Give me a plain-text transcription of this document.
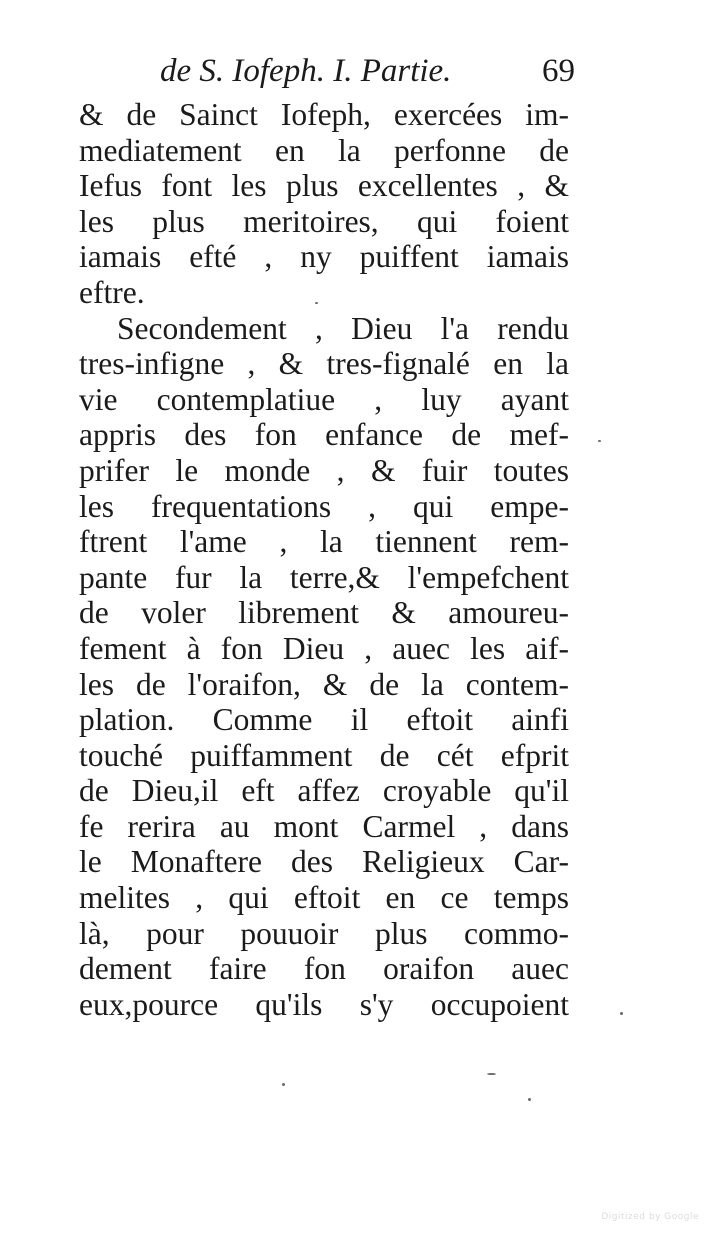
de S. Iofeph. I. Partie.	69
& de Sainct Iofeph, exercées im-
mediatement en la perfonne de
Iefus font les plus excellentes , &
les plus meritoires, qui foient
iamais efté , ny puiffent iamais
eftre.
Secondement , Dieu l'a rendu
tres-infigne , & tres-fignalé en la
vie contemplatiue , luy ayant
appris des fon enfance de mef-
prifer le monde , & fuir toutes
les frequentations , qui empe-
ftrent l'ame , la tiennent rem-
pante fur la terre,& l'empefchent
de voler librement & amoureu-
fement à fon Dieu , auec les aif-
les de l'oraifon, & de la contem-
plation. Comme il eftoit ainfi
touché puiffamment de cét efprit
de Dieu,il eft affez croyable qu'il
fe rerira au mont Carmel , dans
le Monaftere des Religieux Car-
melites , qui eftoit en ce temps
là, pour pouuoir plus commo-
dement faire fon oraifon auec
eux,pource qu'ils s'y occupoient
Digitized by Google
